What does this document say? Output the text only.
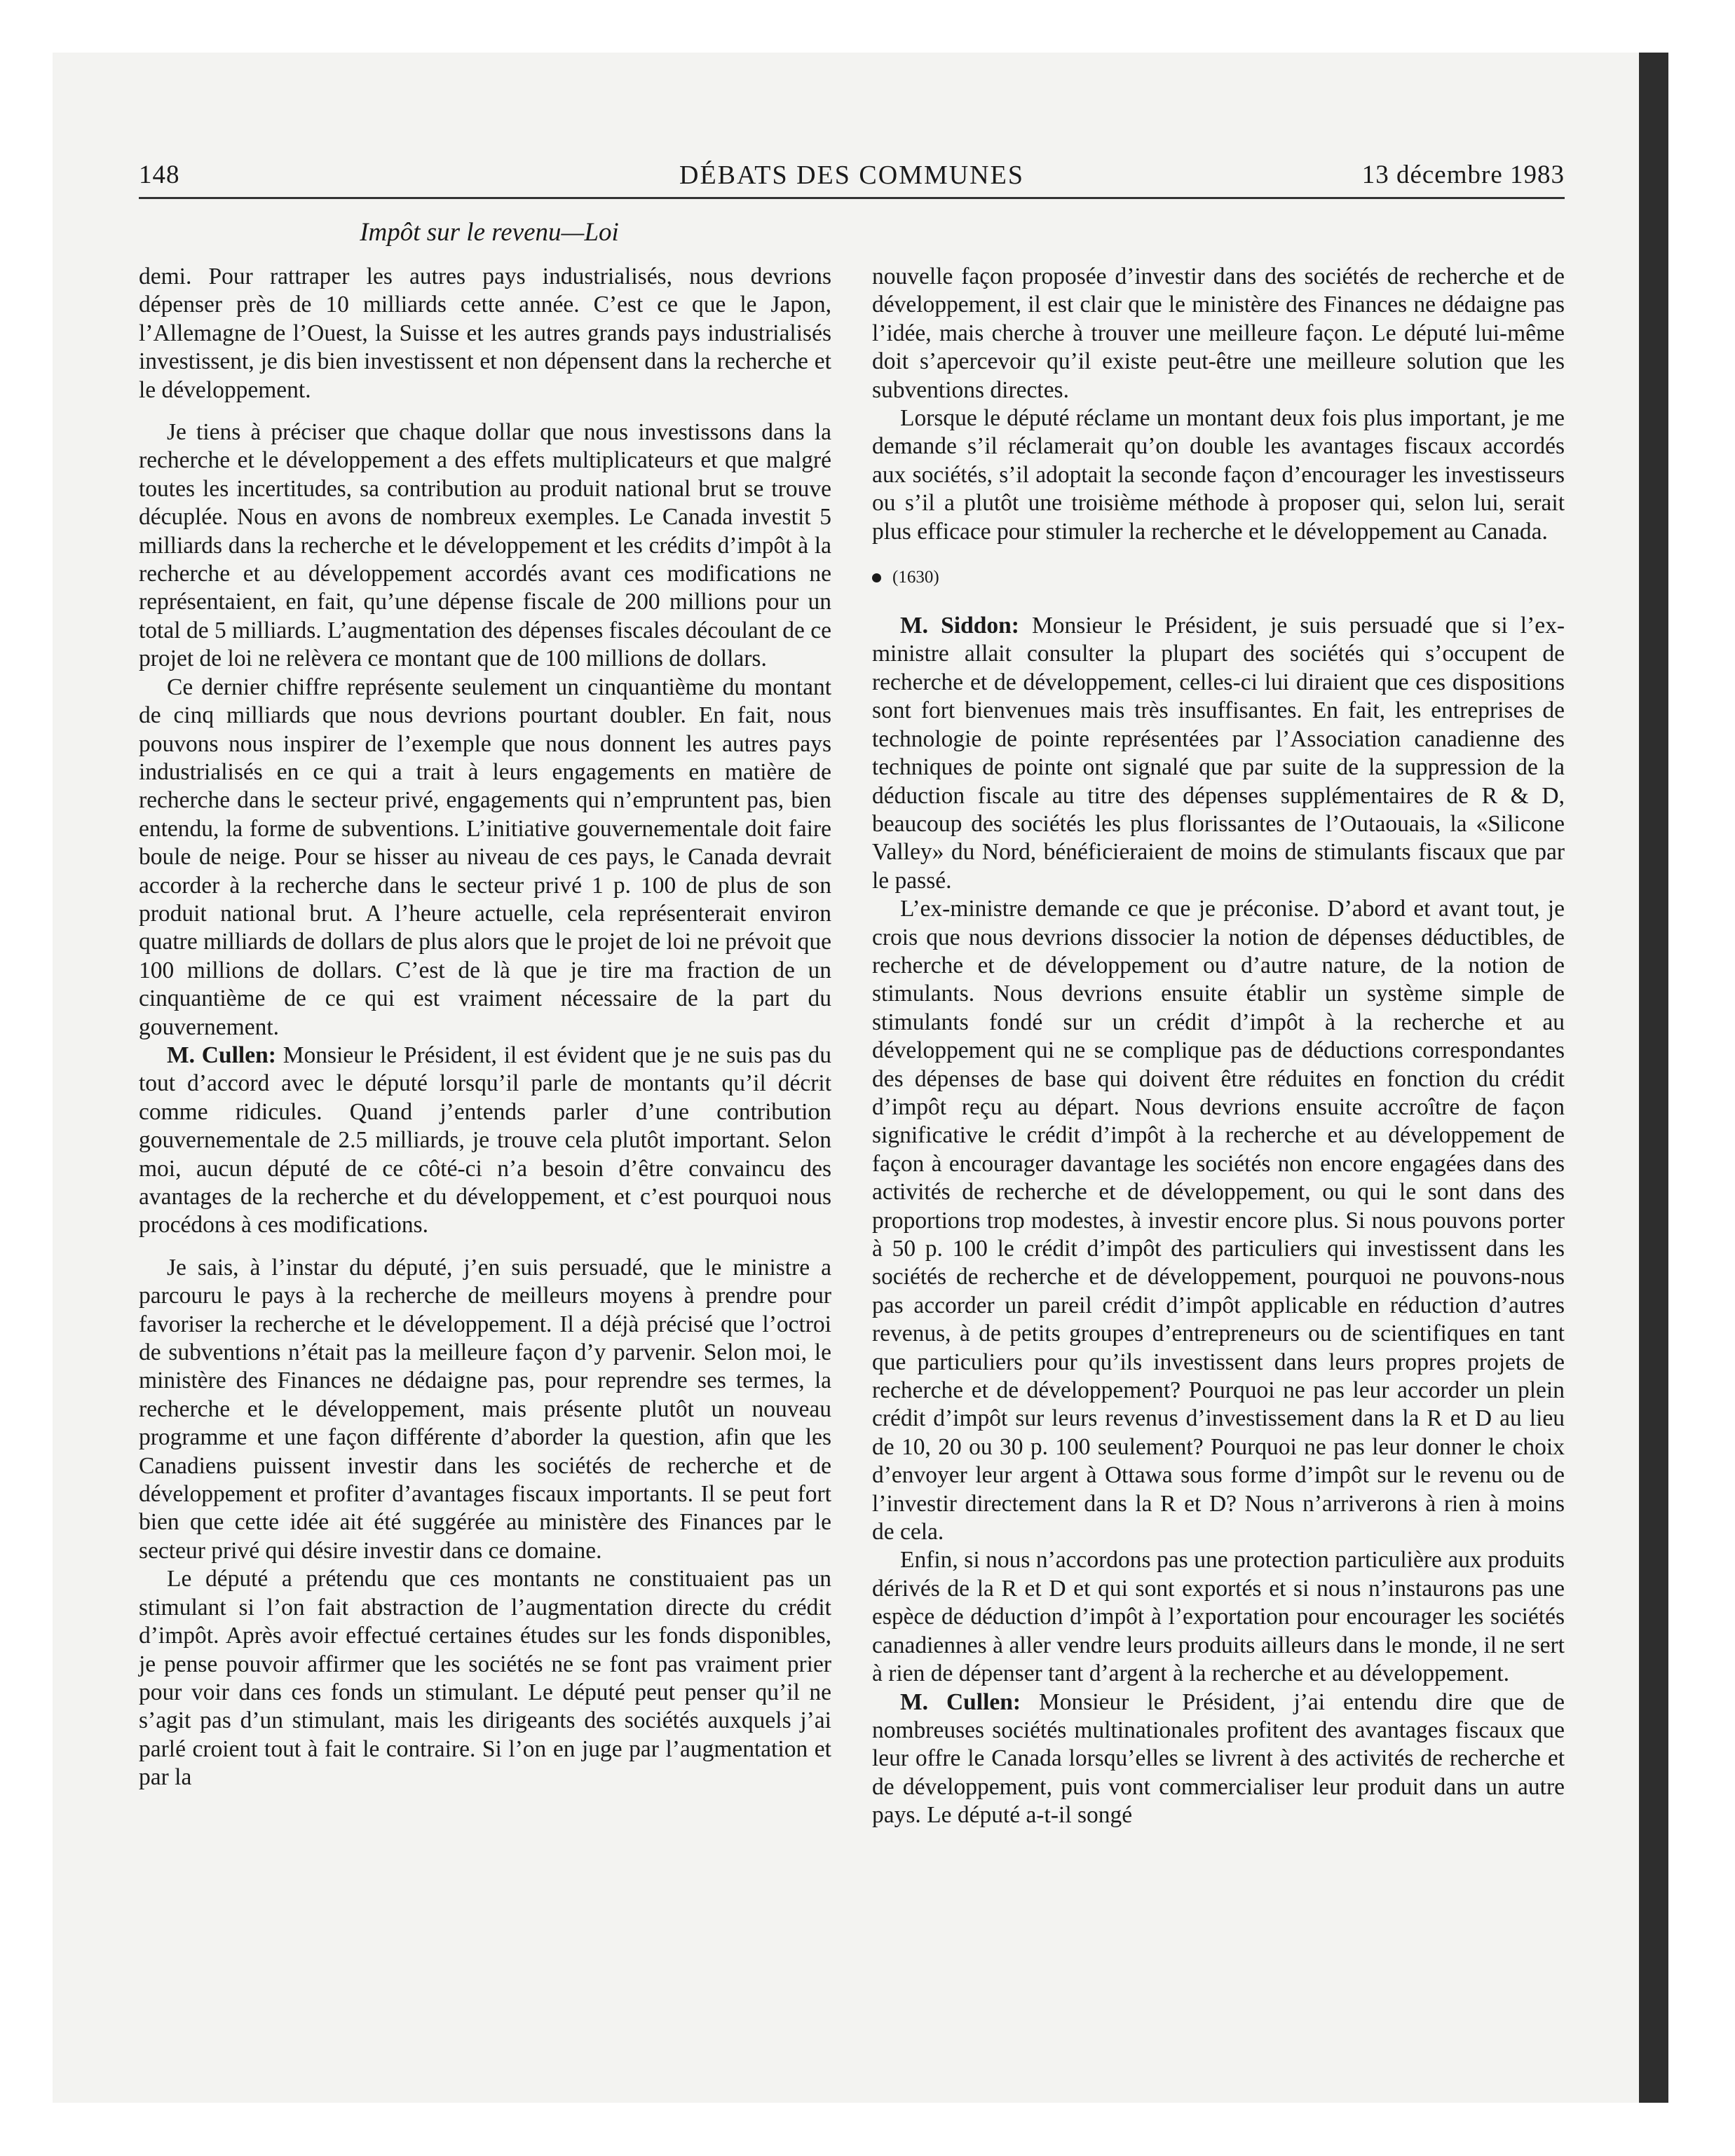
DÉBATS DES COMMUNES
148	13 décembre 1983
Impôt sur le revenu—Loi

demi. Pour rattraper les autres pays industrialisés, nous devrions dépenser près de 10 milliards cette année. C’est ce que le Japon, l’Allemagne de l’Ouest, la Suisse et les autres grands pays industrialisés investissent, je dis bien investissent et non dépensent dans la recherche et le développement.

Je tiens à préciser que chaque dollar que nous investissons dans la recherche et le développement a des effets multiplicateurs et que malgré toutes les incertitudes, sa contribution au produit national brut se trouve décuplée. Nous en avons de nombreux exemples. Le Canada investit 5 milliards dans la recherche et le développement et les crédits d’impôt à la recherche et au développement accordés avant ces modifications ne représentaient, en fait, qu’une dépense fiscale de 200 millions pour un total de 5 milliards. L’augmentation des dépenses fiscales découlant de ce projet de loi ne relèvera ce montant que de 100 millions de dollars.

Ce dernier chiffre représente seulement un cinquantième du montant de cinq milliards que nous devrions pourtant doubler. En fait, nous pouvons nous inspirer de l’exemple que nous donnent les autres pays industrialisés en ce qui a trait à leurs engagements en matière de recherche dans le secteur privé, engagements qui n’empruntent pas, bien entendu, la forme de subventions. L’initiative gouvernementale doit faire boule de neige. Pour se hisser au niveau de ces pays, le Canada devrait accorder à la recherche dans le secteur privé 1 p. 100 de plus de son produit national brut. A l’heure actuelle, cela représenterait environ quatre milliards de dollars de plus alors que le projet de loi ne prévoit que 100 millions de dollars. C’est de là que je tire ma fraction de un cinquantième de ce qui est vraiment nécessaire de la part du gouvernement.

M. Cullen: Monsieur le Président, il est évident que je ne suis pas du tout d’accord avec le député lorsqu’il parle de montants qu’il décrit comme ridicules. Quand j’entends parler d’une contribution gouvernementale de 2.5 milliards, je trouve cela plutôt important. Selon moi, aucun député de ce côté-ci n’a besoin d’être convaincu des avantages de la recherche et du développement, et c’est pourquoi nous procédons à ces modifications.

Je sais, à l’instar du député, j’en suis persuadé, que le ministre a parcouru le pays à la recherche de meilleurs moyens à prendre pour favoriser la recherche et le développement. Il a déjà précisé que l’octroi de subventions n’était pas la meilleure façon d’y parvenir. Selon moi, le ministère des Finances ne dédaigne pas, pour reprendre ses termes, la recherche et le développement, mais présente plutôt un nouveau programme et une façon différente d’aborder la question, afin que les Canadiens puissent investir dans les sociétés de recherche et de développement et profiter d’avantages fiscaux importants. Il se peut fort bien que cette idée ait été suggérée au ministère des Finances par le secteur privé qui désire investir dans ce domaine.

Le député a prétendu que ces montants ne constituaient pas un stimulant si l’on fait abstraction de l’augmentation directe du crédit d’impôt. Après avoir effectué certaines études sur les fonds disponibles, je pense pouvoir affirmer que les sociétés ne se font pas vraiment prier pour voir dans ces fonds un stimulant. Le député peut penser qu’il ne s’agit pas d’un stimulant, mais les dirigeants des sociétés auxquels j’ai parlé croient tout à fait le contraire. Si l’on en juge par l’augmentation et par la

nouvelle façon proposée d’investir dans des sociétés de recherche et de développement, il est clair que le ministère des Finances ne dédaigne pas l’idée, mais cherche à trouver une meilleure façon. Le député lui-même doit s’apercevoir qu’il existe peut-être une meilleure solution que les subventions directes.

Lorsque le député réclame un montant deux fois plus important, je me demande s’il réclamerait qu’on double les avantages fiscaux accordés aux sociétés, s’il adoptait la seconde façon d’encourager les investisseurs ou s’il a plutôt une troisième méthode à proposer qui, selon lui, serait plus efficace pour stimuler la recherche et le développement au Canada.

(1630)

M. Siddon: Monsieur le Président, je suis persuadé que si l’ex-ministre allait consulter la plupart des sociétés qui s’occupent de recherche et de développement, celles-ci lui diraient que ces dispositions sont fort bienvenues mais très insuffisantes. En fait, les entreprises de technologie de pointe représentées par l’Association canadienne des techniques de pointe ont signalé que par suite de la suppression de la déduction fiscale au titre des dépenses supplémentaires de R & D, beaucoup des sociétés les plus florissantes de l’Outaouais, la «Silicone Valley» du Nord, bénéficieraient de moins de stimulants fiscaux que par le passé.

L’ex-ministre demande ce que je préconise. D’abord et avant tout, je crois que nous devrions dissocier la notion de dépenses déductibles, de recherche et de développement ou d’autre nature, de la notion de stimulants. Nous devrions ensuite établir un système simple de stimulants fondé sur un crédit d’impôt à la recherche et au développement qui ne se complique pas de déductions correspondantes des dépenses de base qui doivent être réduites en fonction du crédit d’impôt reçu au départ. Nous devrions ensuite accroître de façon significative le crédit d’impôt à la recherche et au développement de façon à encourager davantage les sociétés non encore engagées dans des activités de recherche et de développement, ou qui le sont dans des proportions trop modestes, à investir encore plus. Si nous pouvons porter à 50 p. 100 le crédit d’impôt des particuliers qui investissent dans les sociétés de recherche et de développement, pourquoi ne pouvons-nous pas accorder un pareil crédit d’impôt applicable en réduction d’autres revenus, à de petits groupes d’entrepreneurs ou de scientifiques en tant que particuliers pour qu’ils investissent dans leurs propres projets de recherche et de développement? Pourquoi ne pas leur accorder un plein crédit d’impôt sur leurs revenus d’investissement dans la R et D au lieu de 10, 20 ou 30 p. 100 seulement? Pourquoi ne pas leur donner le choix d’envoyer leur argent à Ottawa sous forme d’impôt sur le revenu ou de l’investir directement dans la R et D? Nous n’arriverons à rien à moins de cela.

Enfin, si nous n’accordons pas une protection particulière aux produits dérivés de la R et D et qui sont exportés et si nous n’instaurons pas une espèce de déduction d’impôt à l’exportation pour encourager les sociétés canadiennes à aller vendre leurs produits ailleurs dans le monde, il ne sert à rien de dépenser tant d’argent à la recherche et au développement.

M. Cullen: Monsieur le Président, j’ai entendu dire que de nombreuses sociétés multinationales profitent des avantages fiscaux que leur offre le Canada lorsqu’elles se livrent à des activités de recherche et de développement, puis vont commercialiser leur produit dans un autre pays. Le député a-t-il songé
